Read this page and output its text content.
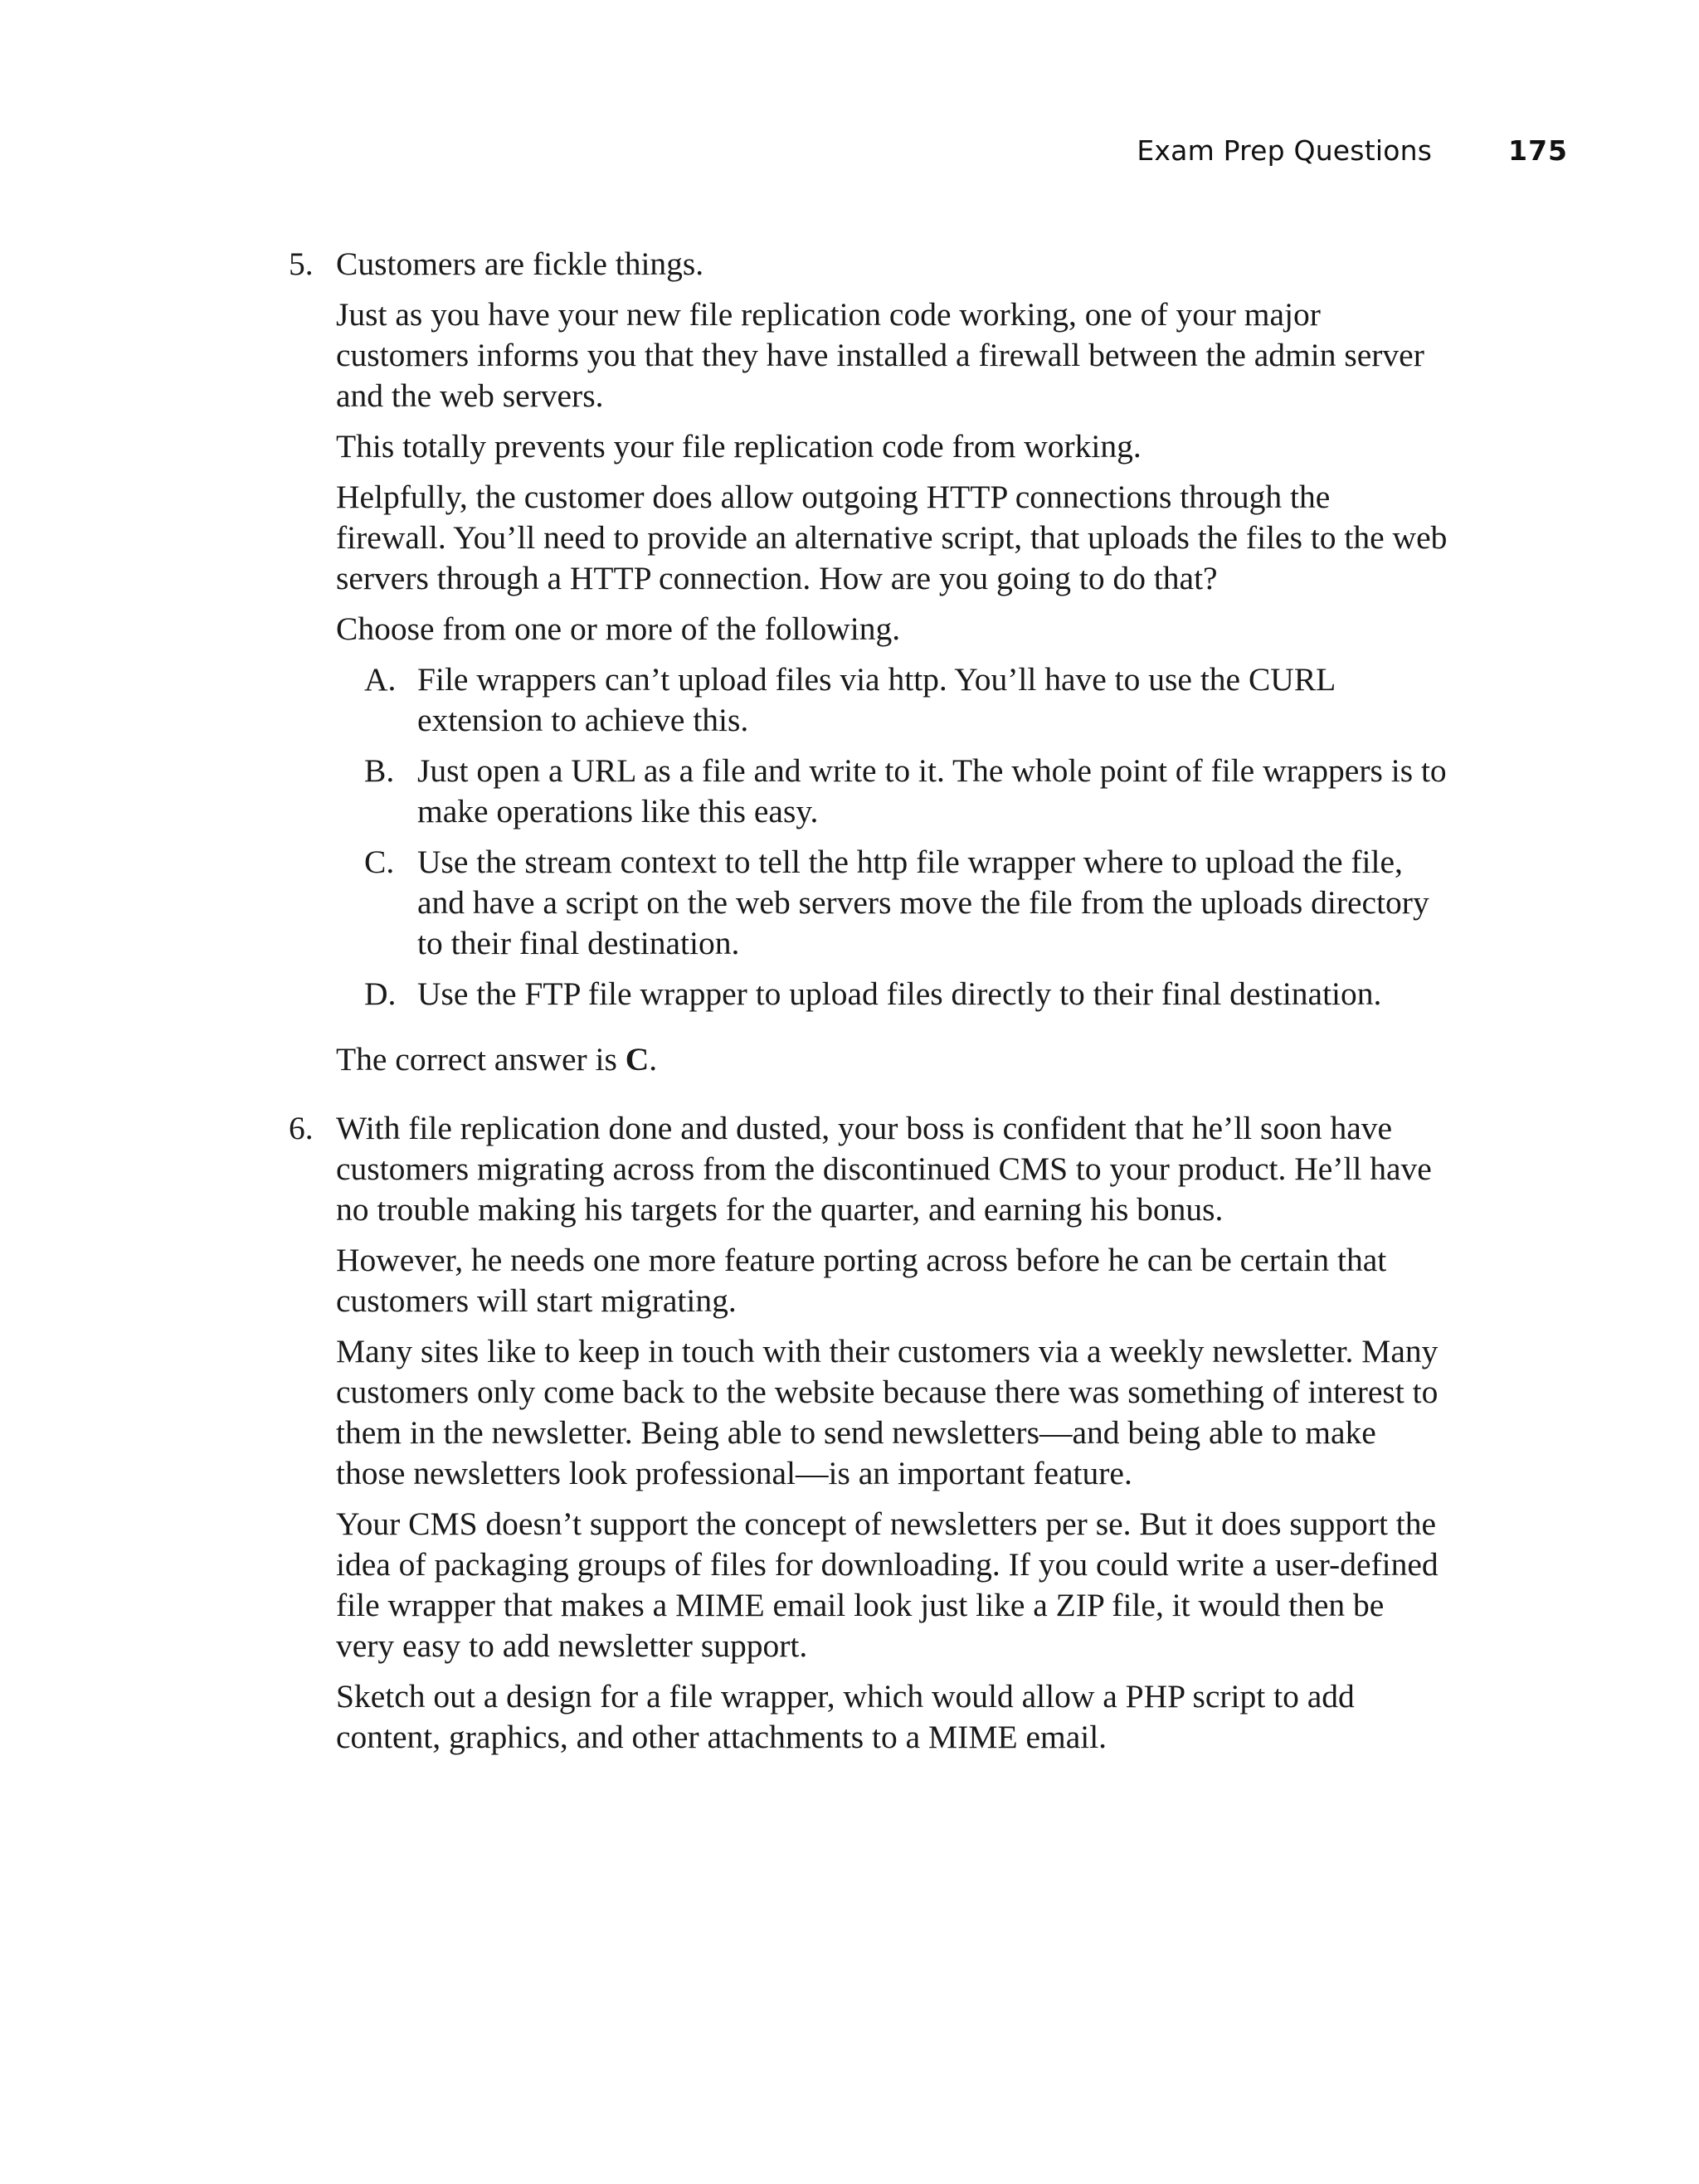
Exam Prep Questions	175
5. Customers are fickle things.

Just as you have your new file replication code working, one of your major customers informs you that they have installed a firewall between the admin server and the web servers.

This totally prevents your file replication code from working.

Helpfully, the customer does allow outgoing HTTP connections through the firewall. You’ll need to provide an alternative script, that uploads the files to the web servers through a HTTP connection. How are you going to do that?

Choose from one or more of the following.

A. File wrappers can’t upload files via http. You’ll have to use the CURL extension to achieve this.
B. Just open a URL as a file and write to it. The whole point of file wrappers is to make operations like this easy.
C. Use the stream context to tell the http file wrapper where to upload the file, and have a script on the web servers move the file from the uploads directory to their final destination.
D. Use the FTP file wrapper to upload files directly to their final destination.

The correct answer is C.

6. With file replication done and dusted, your boss is confident that he’ll soon have customers migrating across from the discontinued CMS to your product. He’ll have no trouble making his targets for the quarter, and earning his bonus.

However, he needs one more feature porting across before he can be certain that customers will start migrating.

Many sites like to keep in touch with their customers via a weekly newsletter. Many customers only come back to the website because there was something of interest to them in the newsletter. Being able to send newsletters—and being able to make those newsletters look professional—is an important feature.

Your CMS doesn’t support the concept of newsletters per se. But it does support the idea of packaging groups of files for downloading. If you could write a user-defined file wrapper that makes a MIME email look just like a ZIP file, it would then be very easy to add newsletter support.

Sketch out a design for a file wrapper, which would allow a PHP script to add content, graphics, and other attachments to a MIME email.
